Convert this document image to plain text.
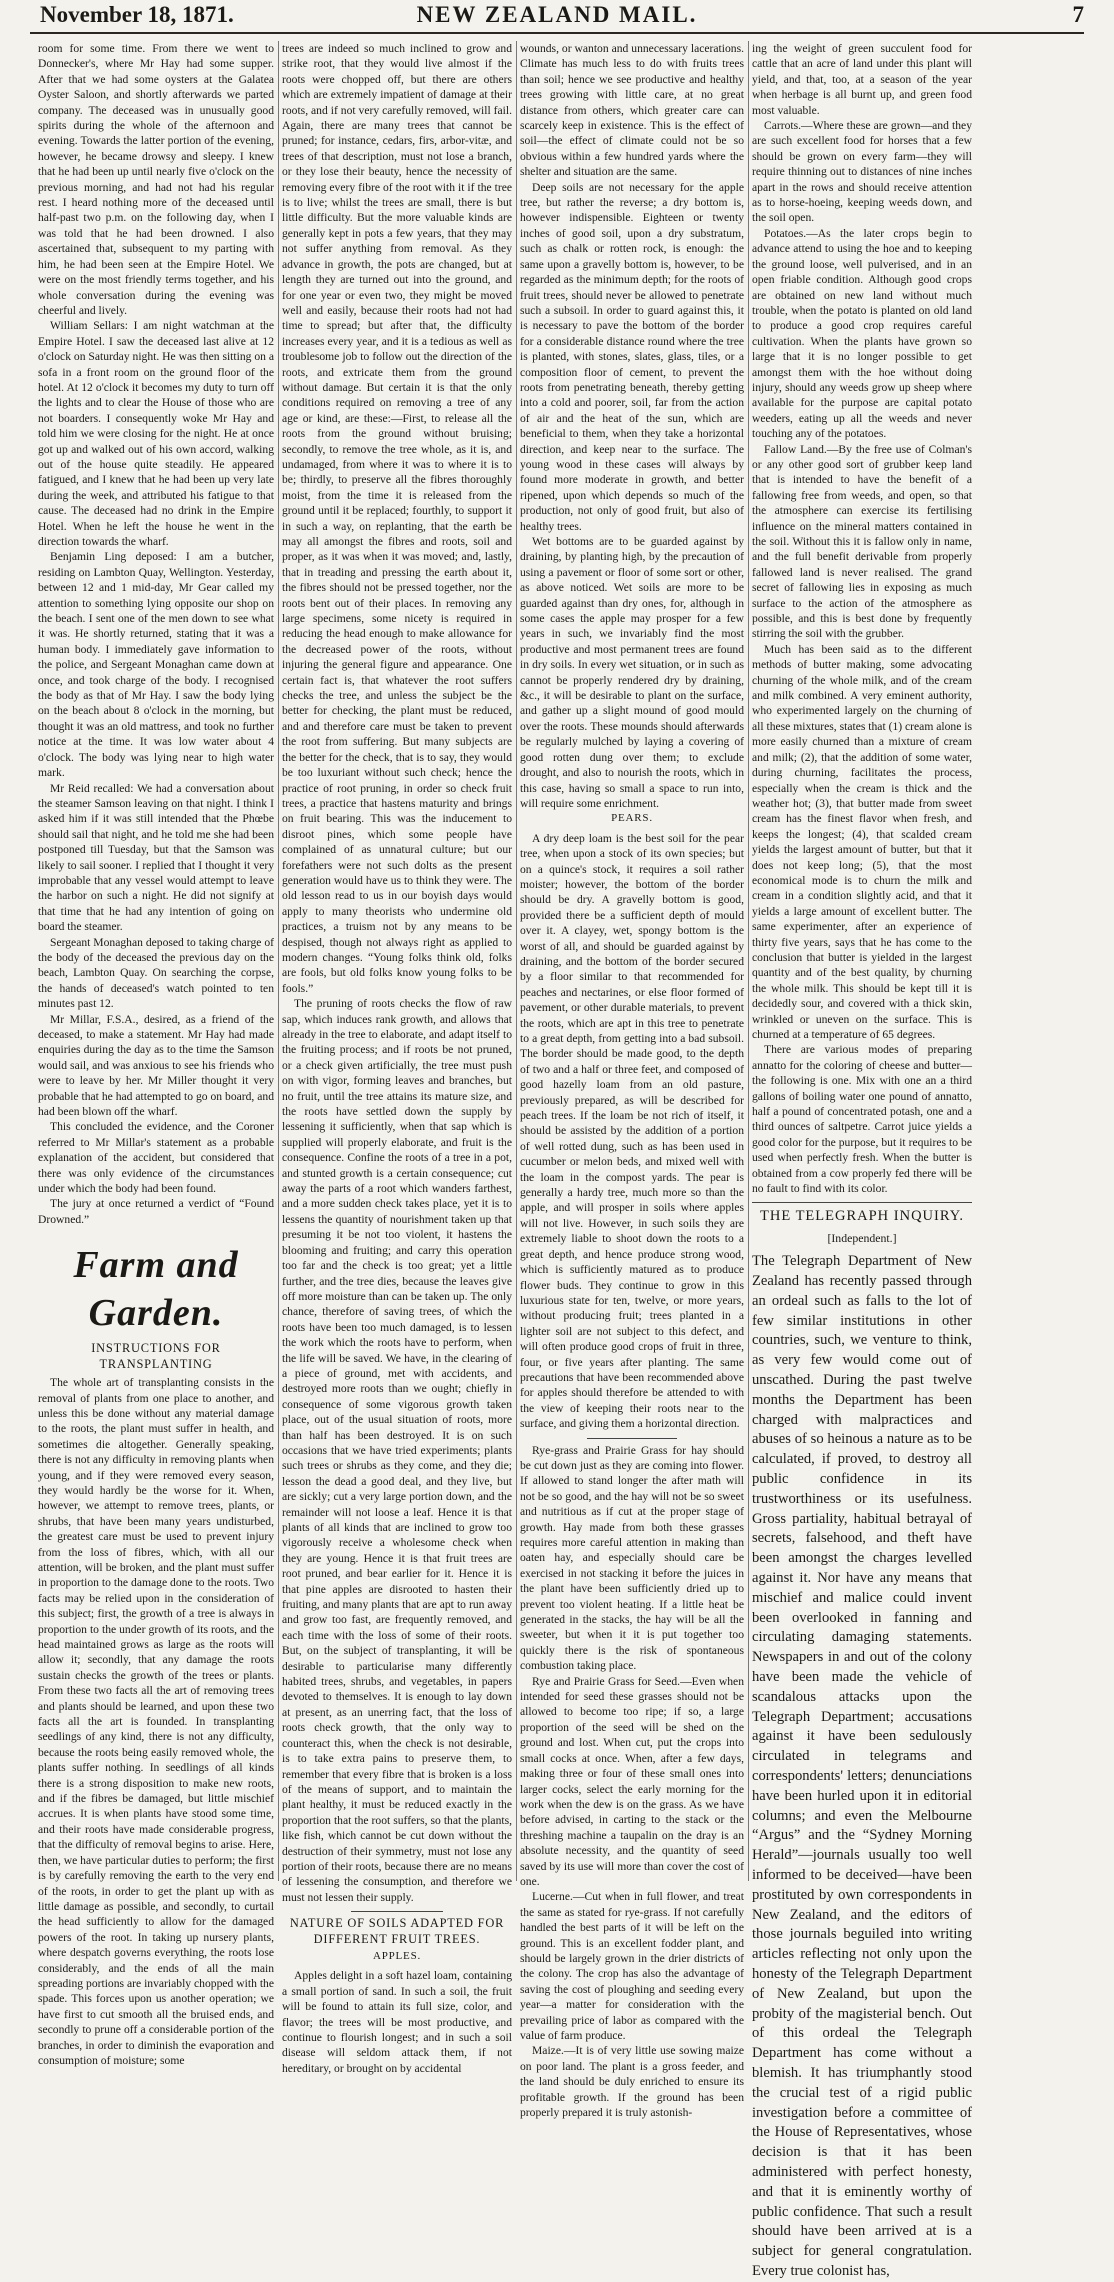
November 18, 1871.	NEW ZEALAND MAIL.	7

room for some time. From there we went to Donnecker's, where Mr Hay had some supper. After that we had some oysters at the Galatea Oyster Saloon, and shortly afterwards we parted company. The deceased was in unusually good spirits during the whole of the afternoon and evening. Towards the latter portion of the evening, however, he became drowsy and sleepy. I knew that he had been up until nearly five o'clock on the previous morning, and had not had his regular rest. I heard nothing more of the deceased until half-past two p.m. on the following day, when I was told that he had been drowned. I also ascertained that, subsequent to my parting with him, he had been seen at the Empire Hotel. We were on the most friendly terms together, and his whole conversation during the evening was cheerful and lively.

William Sellars: I am night watchman at the Empire Hotel. I saw the deceased last alive at 12 o'clock on Saturday night. He was then sitting on a sofa in a front room on the ground floor of the hotel. At 12 o'clock it becomes my duty to turn off the lights and to clear the House of those who are not boarders. I consequently woke Mr Hay and told him we were closing for the night. He at once got up and walked out of his own accord, walking out of the house quite steadily. He appeared fatigued, and I knew that he had been up very late during the week, and attributed his fatigue to that cause. The deceased had no drink in the Empire Hotel. When he left the house he went in the direction towards the wharf.

Benjamin Ling deposed: I am a butcher, residing on Lambton Quay, Wellington. Yesterday, between 12 and 1 mid-day, Mr Gear called my attention to something lying opposite our shop on the beach. I sent one of the men down to see what it was. He shortly returned, stating that it was a human body. I immediately gave information to the police, and Sergeant Monaghan came down at once, and took charge of the body. I recognised the body as that of Mr Hay. I saw the body lying on the beach about 8 o'clock in the morning, but thought it was an old mattress, and took no further notice at the time. It was low water about 4 o'clock. The body was lying near to high water mark.

Mr Reid recalled: We had a conversation about the steamer Samson leaving on that night. I think I asked him if it was still intended that the Phœbe should sail that night, and he told me she had been postponed till Tuesday, but that the Samson was likely to sail sooner. I replied that I thought it very improbable that any vessel would attempt to leave the harbor on such a night. He did not signify at that time that he had any intention of going on board the steamer.

Sergeant Monaghan deposed to taking charge of the body of the deceased the previous day on the beach, Lambton Quay. On searching the corpse, the hands of deceased's watch pointed to ten minutes past 12.

Mr Millar, F.S.A., desired, as a friend of the deceased, to make a statement. Mr Hay had made enquiries during the day as to the time the Samson would sail, and was anxious to see his friends who were to leave by her. Mr Miller thought it very probable that he had attempted to go on board, and had been blown off the wharf.

This concluded the evidence, and the Coroner referred to Mr Millar's statement as a probable explanation of the accident, but considered that there was only evidence of the circumstances under which the body had been found.

The jury at once returned a verdict of “Found Drowned.”

Farm and Garden.
INSTRUCTIONS FOR TRANSPLANTING

The whole art of transplanting consists in the removal of plants from one place to another, and unless this be done without any material damage to the roots, the plant must suffer in health, and sometimes die altogether. Generally speaking, there is not any difficulty in removing plants when young, and if they were removed every season, they would hardly be the worse for it. When, however, we attempt to remove trees, plants, or shrubs, that have been many years undisturbed, the greatest care must be used to prevent injury from the loss of fibres, which, with all our attention, will be broken, and the plant must suffer in proportion to the damage done to the roots. Two facts may be relied upon in the consideration of this subject; first, the growth of a tree is always in proportion to the under growth of its roots, and the head maintained grows as large as the roots will allow it; secondly, that any damage the roots sustain checks the growth of the trees or plants. From these two facts all the art of removing trees and plants should be learned, and upon these two facts all the art is founded. In transplanting seedlings of any kind, there is not any difficulty, because the roots being easily removed whole, the plants suffer nothing. In seedlings of all kinds there is a strong disposition to make new roots, and if the fibres be damaged, but little mischief accrues. It is when plants have stood some time, and their roots have made considerable progress, that the difficulty of removal begins to arise. Here, then, we have particular duties to perform; the first is by carefully removing the earth to the very end of the roots, in order to get the plant up with as little damage as possible, and secondly, to curtail the head sufficiently to allow for the damaged powers of the root. In taking up nursery plants, where despatch governs everything, the roots lose considerably, and the ends of all the main spreading portions are invariably chopped with the spade. This forces upon us another operation; we have first to cut smooth all the bruised ends, and secondly to prune off a considerable portion of the branches, in order to diminish the evaporation and consumption of moisture; some

trees are indeed so much inclined to grow and strike root, that they would live almost if the roots were chopped off, but there are others which are extremely impatient of damage at their roots, and if not very carefully removed, will fail. Again, there are many trees that cannot be pruned; for instance, cedars, firs, arbor-vitæ, and trees of that description, must not lose a branch, or they lose their beauty, hence the necessity of removing every fibre of the root with it if the tree is to live; whilst the trees are small, there is but little difficulty. But the more valuable kinds are generally kept in pots a few years, that they may not suffer anything from removal. As they advance in growth, the pots are changed, but at length they are turned out into the ground, and for one year or even two, they might be moved well and easily, because their roots had not had time to spread; but after that, the difficulty increases every year, and it is a tedious as well as troublesome job to follow out the direction of the roots, and extricate them from the ground without damage. But certain it is that the only conditions required on removing a tree of any age or kind, are these:—First, to release all the roots from the ground without bruising; secondly, to remove the tree whole, as it is, and undamaged, from where it was to where it is to be; thirdly, to preserve all the fibres thoroughly moist, from the time it is released from the ground until it be replaced; fourthly, to support it in such a way, on replanting, that the earth be may all amongst the fibres and roots, soil and proper, as it was when it was moved; and, lastly, that in treading and pressing the earth about it, the fibres should not be pressed together, nor the roots bent out of their places. In removing any large specimens, some nicety is required in reducing the head enough to make allowance for the decreased power of the roots, without injuring the general figure and appearance. One certain fact is, that whatever the root suffers checks the tree, and unless the subject be the better for checking, the plant must be reduced, and and therefore care must be taken to prevent the root from suffering. But many subjects are the better for the check, that is to say, they would be too luxuriant without such check; hence the practice of root pruning, in order so check fruit trees, a practice that hastens maturity and brings on fruit bearing. This was the inducement to disroot pines, which some people have complained of as unnatural culture; but our forefathers were not such dolts as the present generation would have us to think they were. The old lesson read to us in our boyish days would apply to many theorists who undermine old practices, a truism not by any means to be despised, though not always right as applied to modern changes. “Young folks think old, folks are fools, but old folks know young folks to be fools.”

The pruning of roots checks the flow of raw sap, which induces rank growth, and allows that already in the tree to elaborate, and adapt itself to the fruiting process; and if roots be not pruned, or a check given artificially, the tree must push on with vigor, forming leaves and branches, but no fruit, until the tree attains its mature size, and the roots have settled down the supply by lessening it sufficiently, when that sap which is supplied will properly elaborate, and fruit is the consequence. Confine the roots of a tree in a pot, and stunted growth is a certain consequence; cut away the parts of a root which wanders farthest, and a more sudden check takes place, yet it is to lessens the quantity of nourishment taken up that presuming it be not too violent, it hastens the blooming and fruiting; and carry this operation too far and the check is too great; yet a little further, and the tree dies, because the leaves give off more moisture than can be taken up. The only chance, therefore of saving trees, of which the roots have been too much damaged, is to lessen the work which the roots have to perform, when the life will be saved. We have, in the clearing of a piece of ground, met with accidents, and destroyed more roots than we ought; chiefly in consequence of some vigorous growth taken place, out of the usual situation of roots, more than half has been destroyed. It is on such occasions that we have tried experiments; plants such trees or shrubs as they come, and they die; lesson the dead a good deal, and they live, but are sickly; cut a very large portion down, and the remainder will not loose a leaf. Hence it is that plants of all kinds that are inclined to grow too vigorously receive a wholesome check when they are young. Hence it is that fruit trees are root pruned, and bear earlier for it. Hence it is that pine apples are disrooted to hasten their fruiting, and many plants that are apt to run away and grow too fast, are frequently removed, and each time with the loss of some of their roots. But, on the subject of transplanting, it will be desirable to particularise many differently habited trees, shrubs, and vegetables, in papers devoted to themselves. It is enough to lay down at present, as an unerring fact, that the loss of roots check growth, that the only way to counteract this, when the check is not desirable, is to take extra pains to preserve them, to remember that every fibre that is broken is a loss of the means of support, and to maintain the plant healthy, it must be reduced exactly in the proportion that the root suffers, so that the plants, like fish, which cannot be cut down without the destruction of their symmetry, must not lose any portion of their roots, because there are no means of lessening the consumption, and therefore we must not lessen their supply.

NATURE OF SOILS ADAPTED FOR DIFFERENT FRUIT TREES.
APPLES.

Apples delight in a soft hazel loam, containing a small portion of sand. In such a soil, the fruit will be found to attain its full size, color, and flavor; the trees will be most productive, and continue to flourish longest; and in such a soil disease will seldom attack them, if not hereditary, or brought on by accidental

wounds, or wanton and unnecessary lacerations. Climate has much less to do with fruits trees than soil; hence we see productive and healthy trees growing with little care, at no great distance from others, which greater care can scarcely keep in existence. This is the effect of soil—the effect of climate could not be so obvious within a few hundred yards where the shelter and situation are the same.

Deep soils are not necessary for the apple tree, but rather the reverse; a dry bottom is, however indispensible. Eighteen or twenty inches of good soil, upon a dry substratum, such as chalk or rotten rock, is enough: the same upon a gravelly bottom is, however, to be regarded as the minimum depth; for the roots of fruit trees, should never be allowed to penetrate such a subsoil. In order to guard against this, it is necessary to pave the bottom of the border for a considerable distance round where the tree is planted, with stones, slates, glass, tiles, or a composition floor of cement, to prevent the roots from penetrating beneath, thereby getting into a cold and poorer, soil, far from the action of air and the heat of the sun, which are beneficial to them, when they take a horizontal direction, and keep near to the surface. The young wood in these cases will always by found more moderate in growth, and better ripened, upon which depends so much of the production, not only of good fruit, but also of healthy trees.

Wet bottoms are to be guarded against by draining, by planting high, by the precaution of using a pavement or floor of some sort or other, as above noticed. Wet soils are more to be guarded against than dry ones, for, although in some cases the apple may prosper for a few years in such, we invariably find the most productive and most permanent trees are found in dry soils. In every wet situation, or in such as cannot be properly rendered dry by draining, &c., it will be desirable to plant on the surface, and gather up a slight mound of good mould over the roots. These mounds should afterwards be regularly mulched by laying a covering of good rotten dung over them; to exclude drought, and also to nourish the roots, which in this case, having so small a space to run into, will require some enrichment.

PEARS.

A dry deep loam is the best soil for the pear tree, when upon a stock of its own species; but on a quince's stock, it requires a soil rather moister; however, the bottom of the border should be dry. A gravelly bottom is good, provided there be a sufficient depth of mould over it. A clayey, wet, spongy bottom is the worst of all, and should be guarded against by draining, and the bottom of the border secured by a floor similar to that recommended for peaches and nectarines, or else floor formed of pavement, or other durable materials, to prevent the roots, which are apt in this tree to penetrate to a great depth, from getting into a bad subsoil. The border should be made good, to the depth of two and a half or three feet, and composed of good hazelly loam from an old pasture, previously prepared, as will be described for peach trees. If the loam be not rich of itself, it should be assisted by the addition of a portion of well rotted dung, such as has been used in cucumber or melon beds, and mixed well with the loam in the compost yards. The pear is generally a hardy tree, much more so than the apple, and will prosper in soils where apples will not live. However, in such soils they are extremely liable to shoot down the roots to a great depth, and hence produce strong wood, which is sufficiently matured as to produce flower buds. They continue to grow in this luxurious state for ten, twelve, or more years, without producing fruit; trees planted in a lighter soil are not subject to this defect, and will often produce good crops of fruit in three, four, or five years after planting. The same precautions that have been recommended above for apples should therefore be attended to with the view of keeping their roots near to the surface, and giving them a horizontal direction.

Rye-grass and Prairie Grass for hay should be cut down just as they are coming into flower. If allowed to stand longer the after math will not be so good, and the hay will not be so sweet and nutritious as if cut at the proper stage of growth. Hay made from both these grasses requires more careful attention in making than oaten hay, and especially should care be exercised in not stacking it before the juices in the plant have been sufficiently dried up to prevent too violent heating. If a little heat be generated in the stacks, the hay will be all the sweeter, but when it it is put together too quickly there is the risk of spontaneous combustion taking place.

Rye and Prairie Grass for Seed.—Even when intended for seed these grasses should not be allowed to become too ripe; if so, a large proportion of the seed will be shed on the ground and lost. When cut, put the crops into small cocks at once. When, after a few days, making three or four of these small ones into larger cocks, select the early morning for the work when the dew is on the grass. As we have before advised, in carting to the stack or the threshing machine a taupalin on the dray is an absolute necessity, and the quantity of seed saved by its use will more than cover the cost of one.

Lucerne.—Cut when in full flower, and treat the same as stated for rye-grass. If not carefully handled the best parts of it will be left on the ground. This is an excellent fodder plant, and should be largely grown in the drier districts of the colony. The crop has also the advantage of saving the cost of ploughing and seeding every year—a matter for consideration with the prevailing price of labor as compared with the value of farm produce.

Maize.—It is of very little use sowing maize on poor land. The plant is a gross feeder, and the land should be duly enriched to ensure its profitable growth. If the ground has been properly prepared it is truly astonish-

ing the weight of green succulent food for cattle that an acre of land under this plant will yield, and that, too, at a season of the year when herbage is all burnt up, and green food most valuable.

Carrots.—Where these are grown—and they are such excellent food for horses that a few should be grown on every farm—they will require thinning out to distances of nine inches apart in the rows and should receive attention as to horse-hoeing, keeping weeds down, and the soil open.

Potatoes.—As the later crops begin to advance attend to using the hoe and to keeping the ground loose, well pulverised, and in an open friable condition. Although good crops are obtained on new land without much trouble, when the potato is planted on old land to produce a good crop requires careful cultivation. When the plants have grown so large that it is no longer possible to get amongst them with the hoe without doing injury, should any weeds grow up sheep where available for the purpose are capital potato weeders, eating up all the weeds and never touching any of the potatoes.

Fallow Land.—By the free use of Colman's or any other good sort of grubber keep land that is intended to have the benefit of a fallowing free from weeds, and open, so that the atmosphere can exercise its fertilising influence on the mineral matters contained in the soil. Without this it is fallow only in name, and the full benefit derivable from properly fallowed land is never realised. The grand secret of fallowing lies in exposing as much surface to the action of the atmosphere as possible, and this is best done by frequently stirring the soil with the grubber.

Much has been said as to the different methods of butter making, some advocating churning of the whole milk, and of the cream and milk combined. A very eminent authority, who experimented largely on the churning of all these mixtures, states that (1) cream alone is more easily churned than a mixture of cream and milk; (2), that the addition of some water, during churning, facilitates the process, especially when the cream is thick and the weather hot; (3), that butter made from sweet cream has the finest flavor when fresh, and keeps the longest; (4), that scalded cream yields the largest amount of butter, but that it does not keep long; (5), that the most economical mode is to churn the milk and cream in a condition slightly acid, and that it yields a large amount of excellent butter. The same experimenter, after an experience of thirty five years, says that he has come to the conclusion that butter is yielded in the largest quantity and of the best quality, by churning the whole milk. This should be kept till it is decidedly sour, and covered with a thick skin, wrinkled or uneven on the surface. This is churned at a temperature of 65 degrees.

There are various modes of preparing annatto for the coloring of cheese and butter—the following is one. Mix with one an a third gallons of boiling water one pound of annatto, half a pound of concentrated potash, one and a third ounces of saltpetre. Carrot juice yields a good color for the purpose, but it requires to be used when perfectly fresh. When the butter is obtained from a cow properly fed there will be no fault to find with its color.

THE TELEGRAPH INQUIRY.
[Independent.]

The Telegraph Department of New Zealand has recently passed through an ordeal such as falls to the lot of few similar institutions in other countries, such, we venture to think, as very few would come out of unscathed. During the past twelve months the Department has been charged with malpractices and abuses of so heinous a nature as to be calculated, if proved, to destroy all public confidence in its trustworthiness or its usefulness. Gross partiality, habitual betrayal of secrets, falsehood, and theft have been amongst the charges levelled against it. Nor have any means that mischief and malice could invent been overlooked in fanning and circulating damaging statements. Newspapers in and out of the colony have been made the vehicle of scandalous attacks upon the Telegraph Department; accusations against it have been sedulously circulated in telegrams and correspondents' letters; denunciations have been hurled upon it in editorial columns; and even the Melbourne “Argus” and the “Sydney Morning Herald”—journals usually too well informed to be deceived—have been prostituted by own correspondents in New Zealand, and the editors of those journals beguiled into writing articles reflecting not only upon the honesty of the Telegraph Department of New Zealand, but upon the probity of the magisterial bench. Out of this ordeal the Telegraph Department has come without a blemish. It has triumphantly stood the crucial test of a rigid public investigation before a committee of the House of Representatives, whose decision is that it has been administered with perfect honesty, and that it is eminently worthy of public confidence. That such a result should have been arrived at is a subject for general congratulation. Every true colonist has,
